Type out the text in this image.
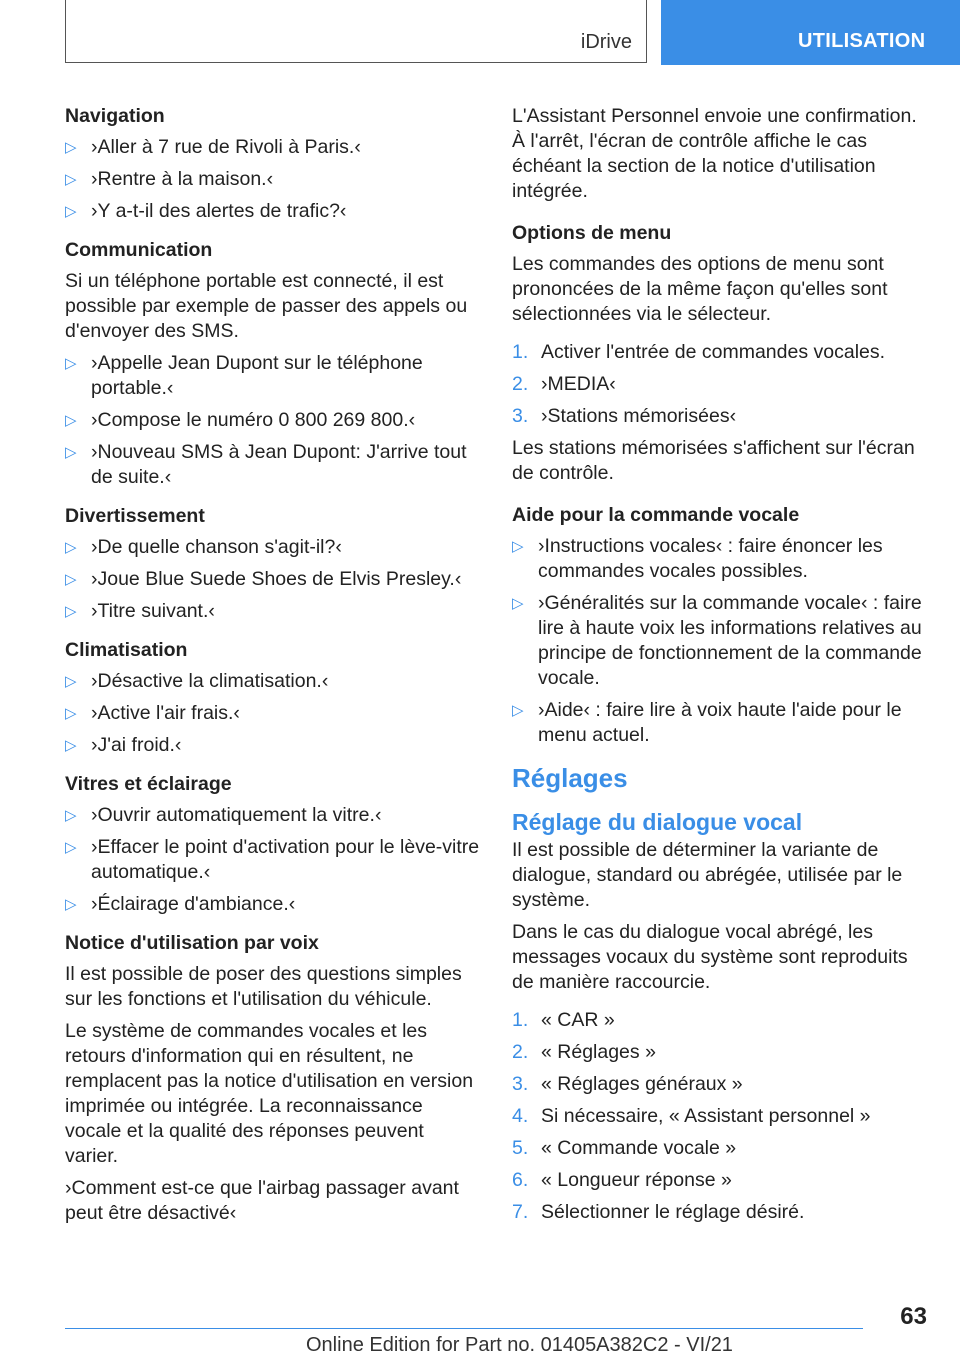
iDrive	UTILISATION
Navigation
▷ ›Aller à 7 rue de Rivoli à Paris.‹
▷ ›Rentre à la maison.‹
▷ ›Y a-t-il des alertes de trafic?‹
Communication
Si un téléphone portable est connecté, il est possible par exemple de passer des appels ou d'envoyer des SMS.
▷ ›Appelle Jean Dupont sur le téléphone portable.‹
▷ ›Compose le numéro 0 800 269 800.‹
▷ ›Nouveau SMS à Jean Dupont: J'arrive tout de suite.‹
Divertissement
▷ ›De quelle chanson s'agit-il?‹
▷ ›Joue Blue Suede Shoes de Elvis Presley.‹
▷ ›Titre suivant.‹
Climatisation
▷ ›Désactive la climatisation.‹
▷ ›Active l'air frais.‹
▷ ›J'ai froid.‹
Vitres et éclairage
▷ ›Ouvrir automatiquement la vitre.‹
▷ ›Effacer le point d'activation pour le lève-vitre automatique.‹
▷ ›Éclairage d'ambiance.‹
Notice d'utilisation par voix
Il est possible de poser des questions simples sur les fonctions et l'utilisation du véhicule.
Le système de commandes vocales et les retours d'information qui en résultent, ne remplacent pas la notice d'utilisation en version imprimée ou intégrée. La reconnaissance vocale et la qualité des réponses peuvent varier.
›Comment est-ce que l'airbag passager avant peut être désactivé‹
L'Assistant Personnel envoie une confirmation. À l'arrêt, l'écran de contrôle affiche le cas échéant la section de la notice d'utilisation intégrée.
Options de menu
Les commandes des options de menu sont prononcées de la même façon qu'elles sont sélectionnées via le sélecteur.
1. Activer l'entrée de commandes vocales.
2. ›MEDIA‹
3. ›Stations mémorisées‹
Les stations mémorisées s'affichent sur l'écran de contrôle.
Aide pour la commande vocale
▷ ›Instructions vocales‹ : faire énoncer les commandes vocales possibles.
▷ ›Généralités sur la commande vocale‹ : faire lire à haute voix les informations relatives au principe de fonctionnement de la commande vocale.
▷ ›Aide‹ : faire lire à voix haute l'aide pour le menu actuel.
Réglages
Réglage du dialogue vocal
Il est possible de déterminer la variante de dialogue, standard ou abrégée, utilisée par le système.
Dans le cas du dialogue vocal abrégé, les messages vocaux du système sont reproduits de manière raccourcie.
1. « CAR »
2. « Réglages »
3. « Réglages généraux »
4. Si nécessaire, « Assistant personnel »
5. « Commande vocale »
6. « Longueur réponse »
7. Sélectionner le réglage désiré.
63
Online Edition for Part no. 01405A382C2 - VI/21
